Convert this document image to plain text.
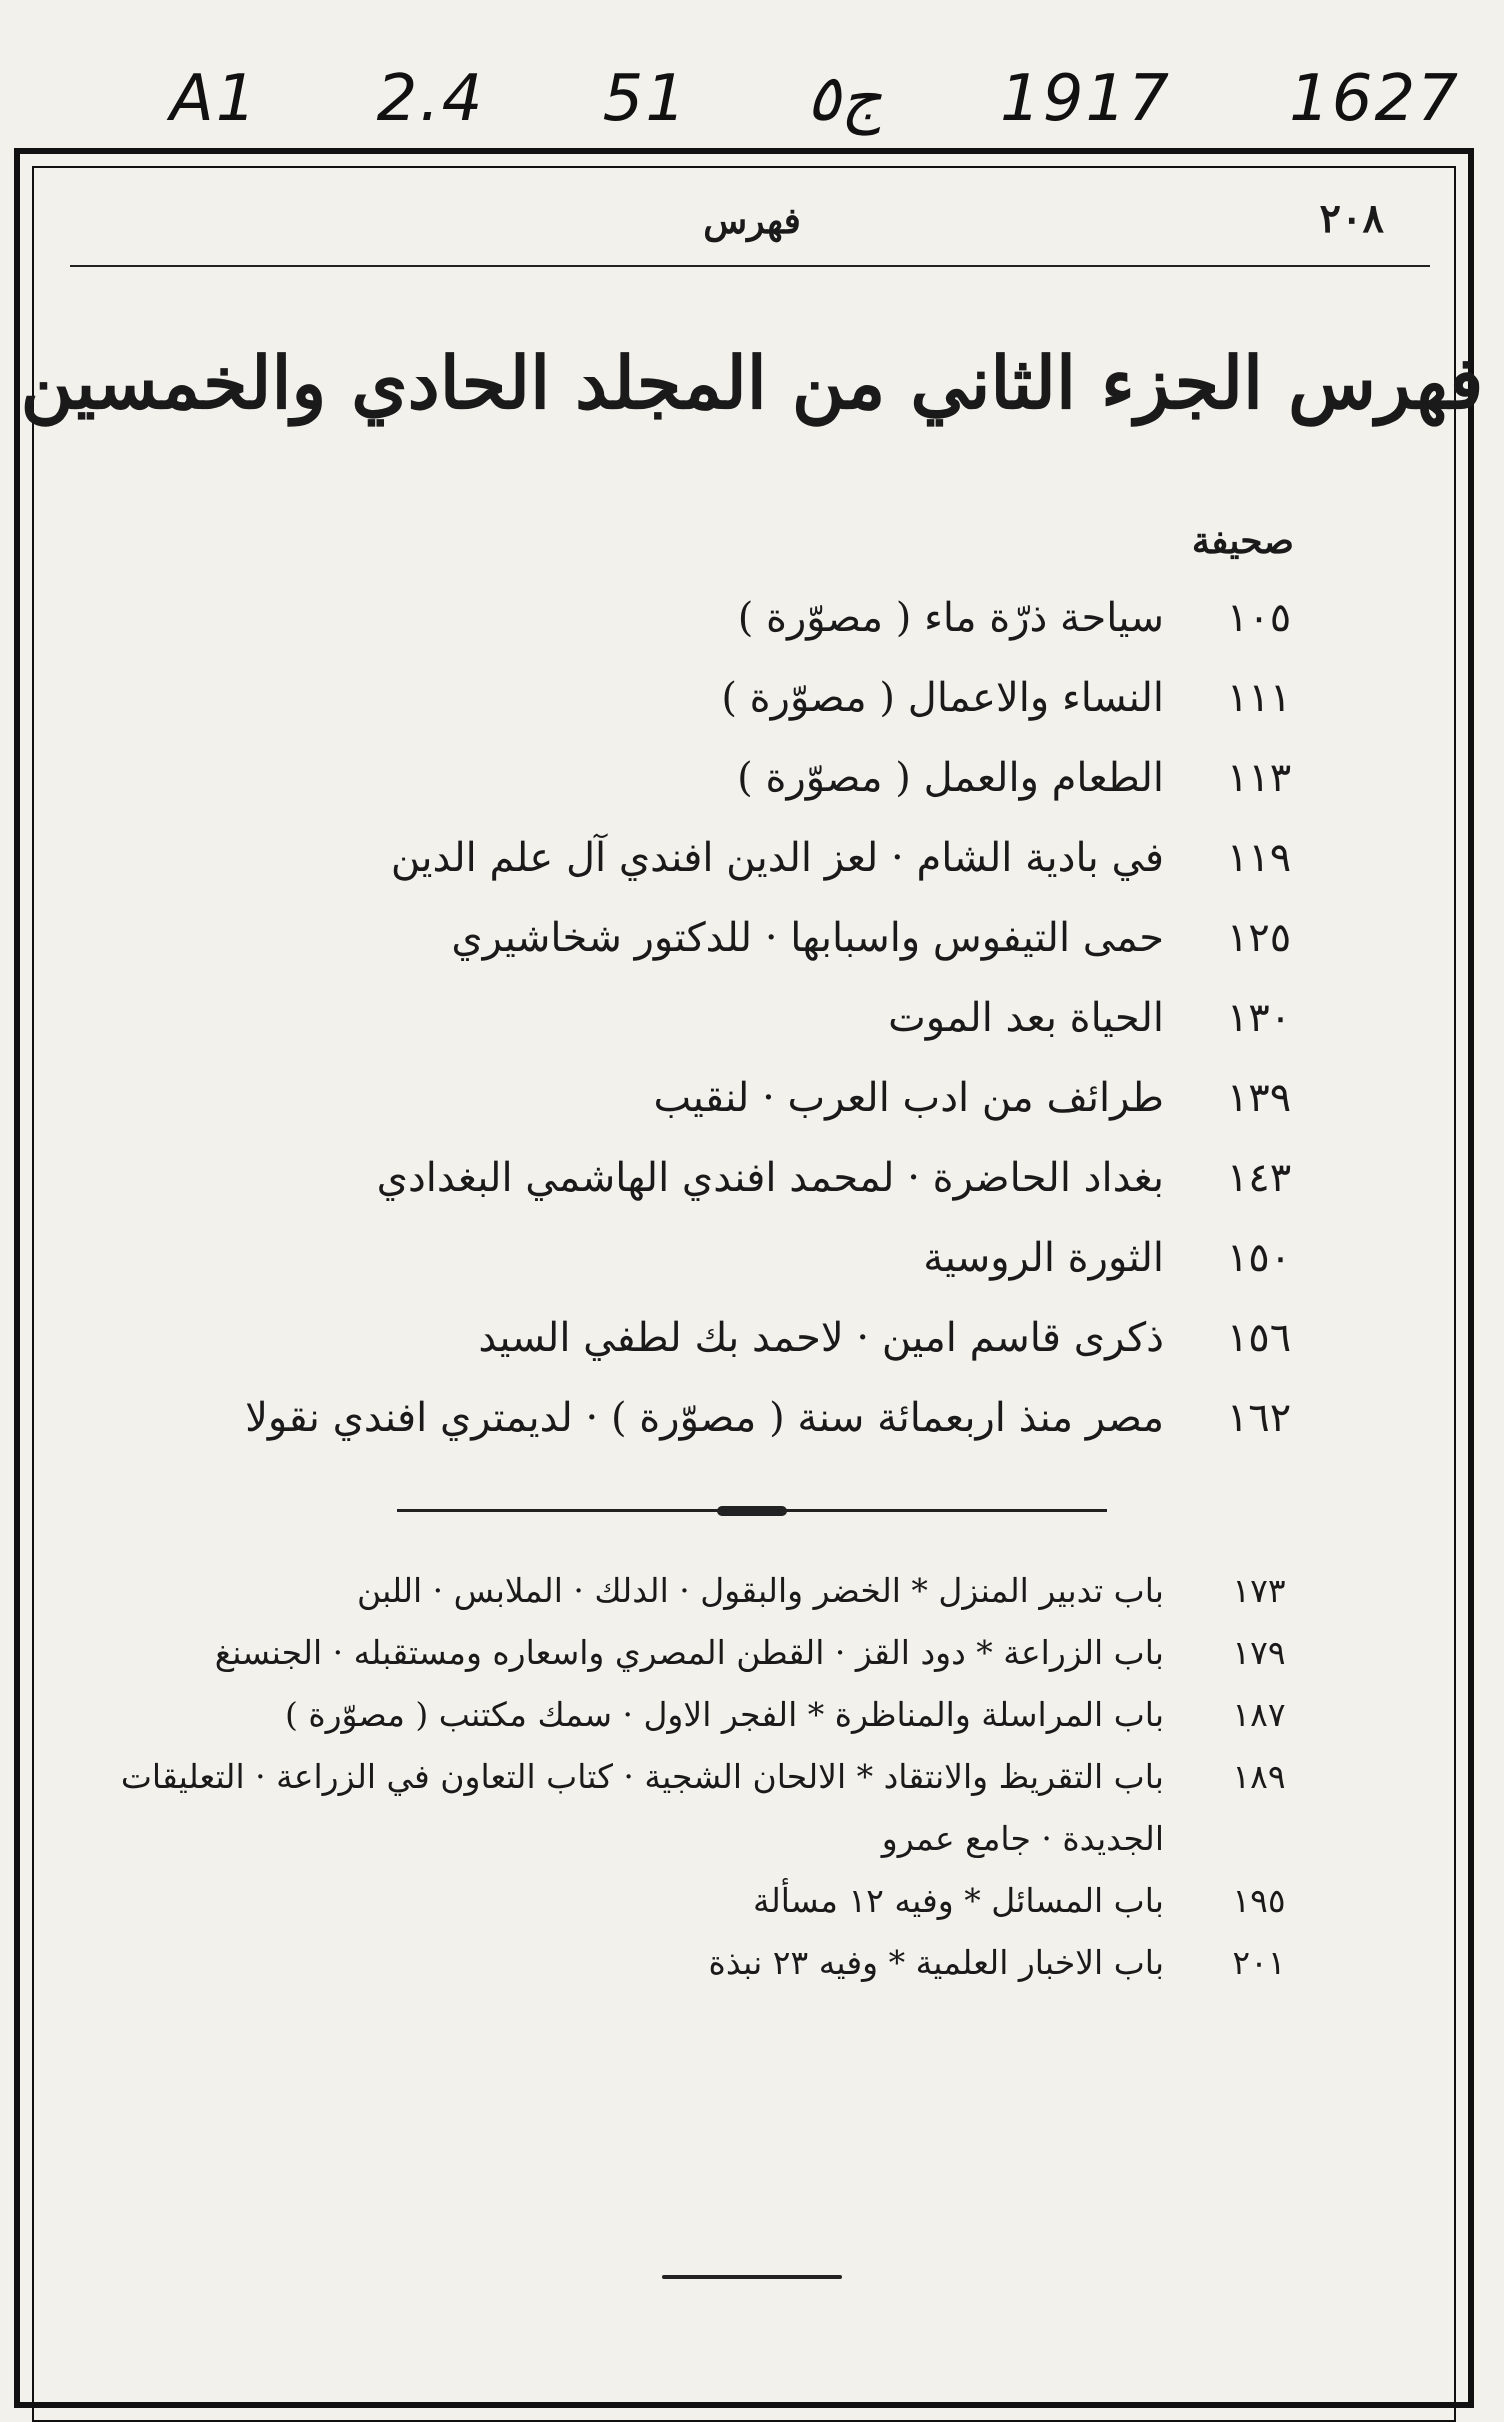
A1 2.4 51 ج٥ 1917 1627
فهرس	٢٠٨
فهرس الجزء الثاني من المجلد الحادي والخمسين
صحيفة
١٠٥
سياحة ذرّة ماء ( مصوّرة )
١١١
النساء والاعمال ( مصوّرة )
١١٣
الطعام والعمل ( مصوّرة )
١١٩
في بادية الشام · لعز الدين افندي آل علم الدين
١٢٥
حمى التيفوس واسبابها · للدكتور شخاشيري
١٣٠
الحياة بعد الموت
١٣٩
طرائف من ادب العرب · لنقيب
١٤٣
بغداد الحاضرة · لمحمد افندي الهاشمي البغدادي
١٥٠
الثورة الروسية
١٥٦
ذكرى قاسم امين · لاحمد بك لطفي السيد
١٦٢
مصر منذ اربعمائة سنة ( مصوّرة ) · لديمتري افندي نقولا
١٧٣
باب تدبير المنزل * الخضر والبقول · الدلك · الملابس · اللبن
١٧٩
باب الزراعة * دود القز · القطن المصري واسعاره ومستقبله · الجنسنغ
١٨٧
باب المراسلة والمناظرة * الفجر الاول · سمك مكتنب ( مصوّرة )
١٨٩
باب التقريظ والانتقاد * الالحان الشجية · كتاب التعاون في الزراعة · التعليقات
الجديدة · جامع عمرو
١٩٥
باب المسائل * وفيه ١٢ مسألة
٢٠١
باب الاخبار العلمية * وفيه ٢٣ نبذة
